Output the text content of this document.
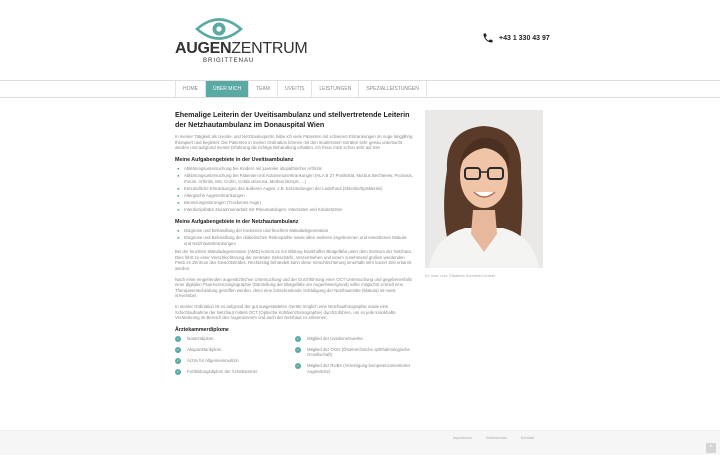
AUGENZENTRUM
BRIGITTENAU
+43 1 330 43 97
HOME	ÜBER MICH	TEAM	UVEITIS	LEISTUNGEN	SPEZIALLEISTUNGEN
Ehemalige Leiterin der Uveitisambulanz und stellvertretende Leiterin der Netzhautambulanz im Donauspital Wien

In meiner Tätigkeit als Uveitis- und Netzhautexpertin habe ich viele Patienten mit schweren Erkrankungen im Auge langjährig therapiert und begleitet. Die Patienten in meiner Ordination können mit den modernsten Geräten sehr genau untersucht werden und aufgrund meiner Erfahrung die richtige Behandlung erhalten. Ich freue mich schon sehr auf Sie!

Meine Aufgabengebiete in der Uveitisambulanz
● Abklärungsuntersuchung bei Kindern mit juveniler idiopathischer Arthritis
● Abklärungsuntersuchung bei Patienten mit Autoimmunerkrankungen (HLA B 27 Positivität, Morbus Bechterew, Psoriasis, rheum. Arthritis, MS, Crohn, Colitis ulcerosa, Morbus Behçet, ...)
● Entzündliche Erkrankungen des äußeren Auges, z.B. Entzündungen der Lederhaut (Skleritis/Episkleritis)
● Allergische Augenerkrankungen
● Benetzungsstörungen (Trockenes Auge)
● Interdisziplinäre Zusammenarbeit mit Rheumatologen, Internisten und Kinderärzten
Meine Aufgabengebiete in der Netzhautambulanz
● Diagnose und Behandlung der trockenen und feuchten Makuladegeneration
● Diagnose und Behandlung der diabetischen Retinopathie sowie allen anderen angeborenen und erworbenen Makula- und Netzhauterkrankungen

Bei der feuchten Makuladegeneration (AMD) kommt es zur Bildung krankhafter Blutgefäße unter dem Zentrum der Netzhaut. Dies führt zu einer Verschlechterung der zentralen Sehschärfe, Verzerrtsehen und einem zunehmend großen werdenden Fleck im Zentrum des Gesichtsfeldes. Rechtzeitig behandelt kann diese Verschlechterung innerhalb sehr kurzer Zeit erkannt werden.

Nach einer eingehenden augenärztlichen Untersuchung und der Durchführung einer OCT Untersuchung und gegebenenfalls einer digitalen Fluoreszenzangiographie (Darstellung der Blutgefäße am Augenhintergrund) sollte möglichst schnell eine Therapieentscheidung getroffen werden, denn eine fortschreitende Schädigung der Netzhautmitte (Makula) ist meist irreversibel.

In meiner Ordination ist es aufgrund der gut ausgestatteten Geräte möglich eine Netzhautfotographie sowie eine Schichtaufnahme der Netzhaut mittels OCT (Optische Kohärenztomographie) durchzuführen, um so jede krankhafte Veränderung im Bereich des Augeninneren und auch der Netzhaut zu erkennen.

Ärztekammerdiplome
✓	Notarztdiplom
✓	Akupunkturdiplom
✓	Ärztin für Allgemeinmedizin
✓	Fortbildungsdiplom der Ärztekammer
✓	Mitglied der Uveitisnetzwerke
✓	Mitglied der ÖOG (Österreichische ophthalmologische Gesellschaft)
✓	Mitglied der RUBA (Vereinigung kompetenzorientierter Augenärzte)
Dr. med. univ. Elisabeth Schrittner-Graber
Impressum	Datenschutz	Kontakt
^
